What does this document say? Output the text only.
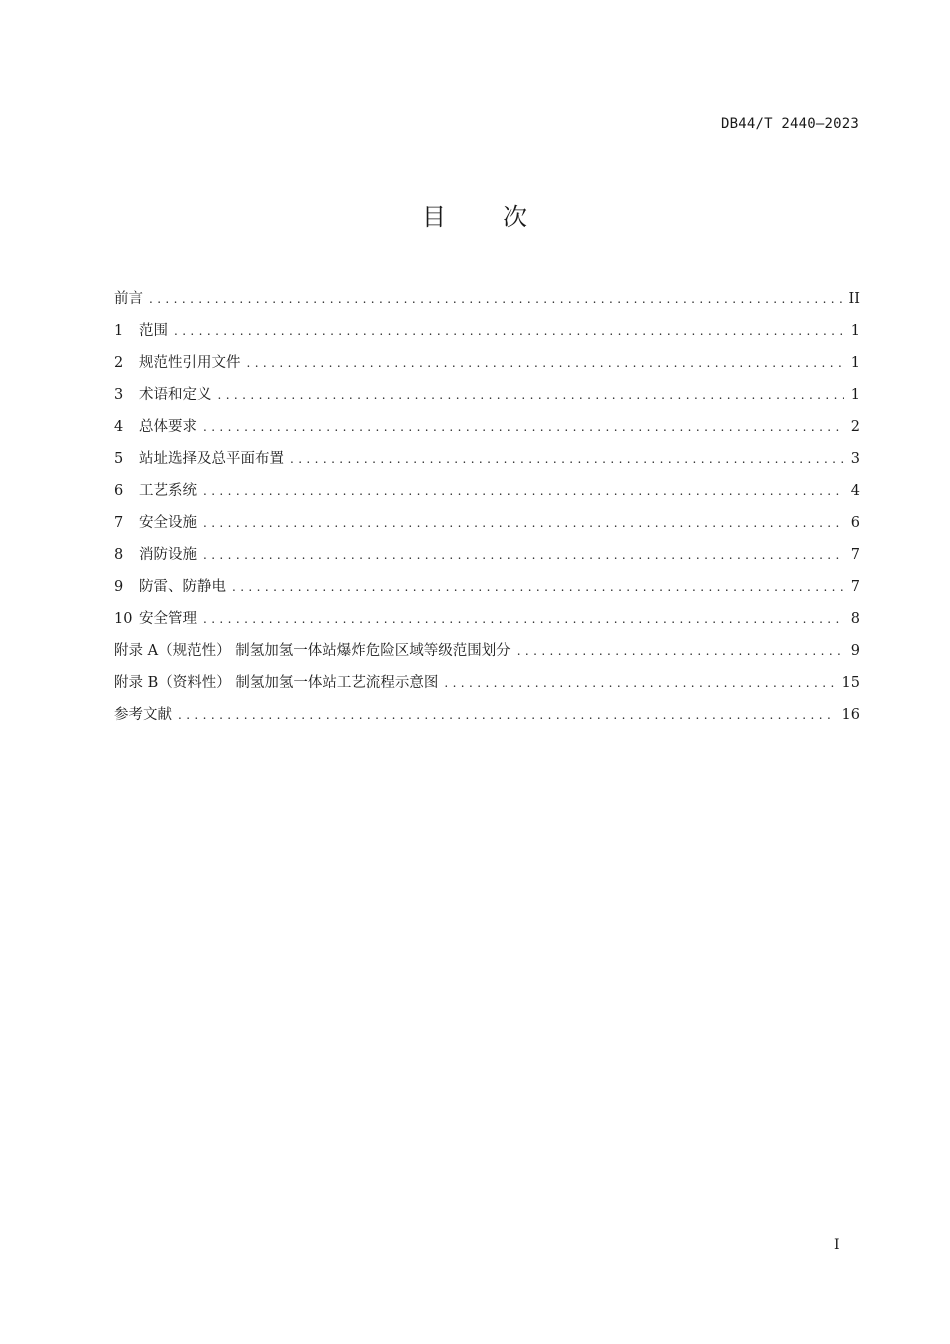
DB44/T 2440—2023
目 次
前言 .....	II
1	范围 .....	1
2	规范性引用文件 .....	1
3	术语和定义 .....	1
4	总体要求 .....	2
5	站址选择及总平面布置 .....	3
6	工艺系统 .....	4
7	安全设施 .....	6
8	消防设施 .....	7
9	防雷、防静电 .....	7
10 安全管理 .....	8
附录 A（规范性） 制氢加氢一体站爆炸危险区域等级范围划分 .....	9
附录 B（资料性） 制氢加氢一体站工艺流程示意图 .....	15
参考文献 .....	16
I
